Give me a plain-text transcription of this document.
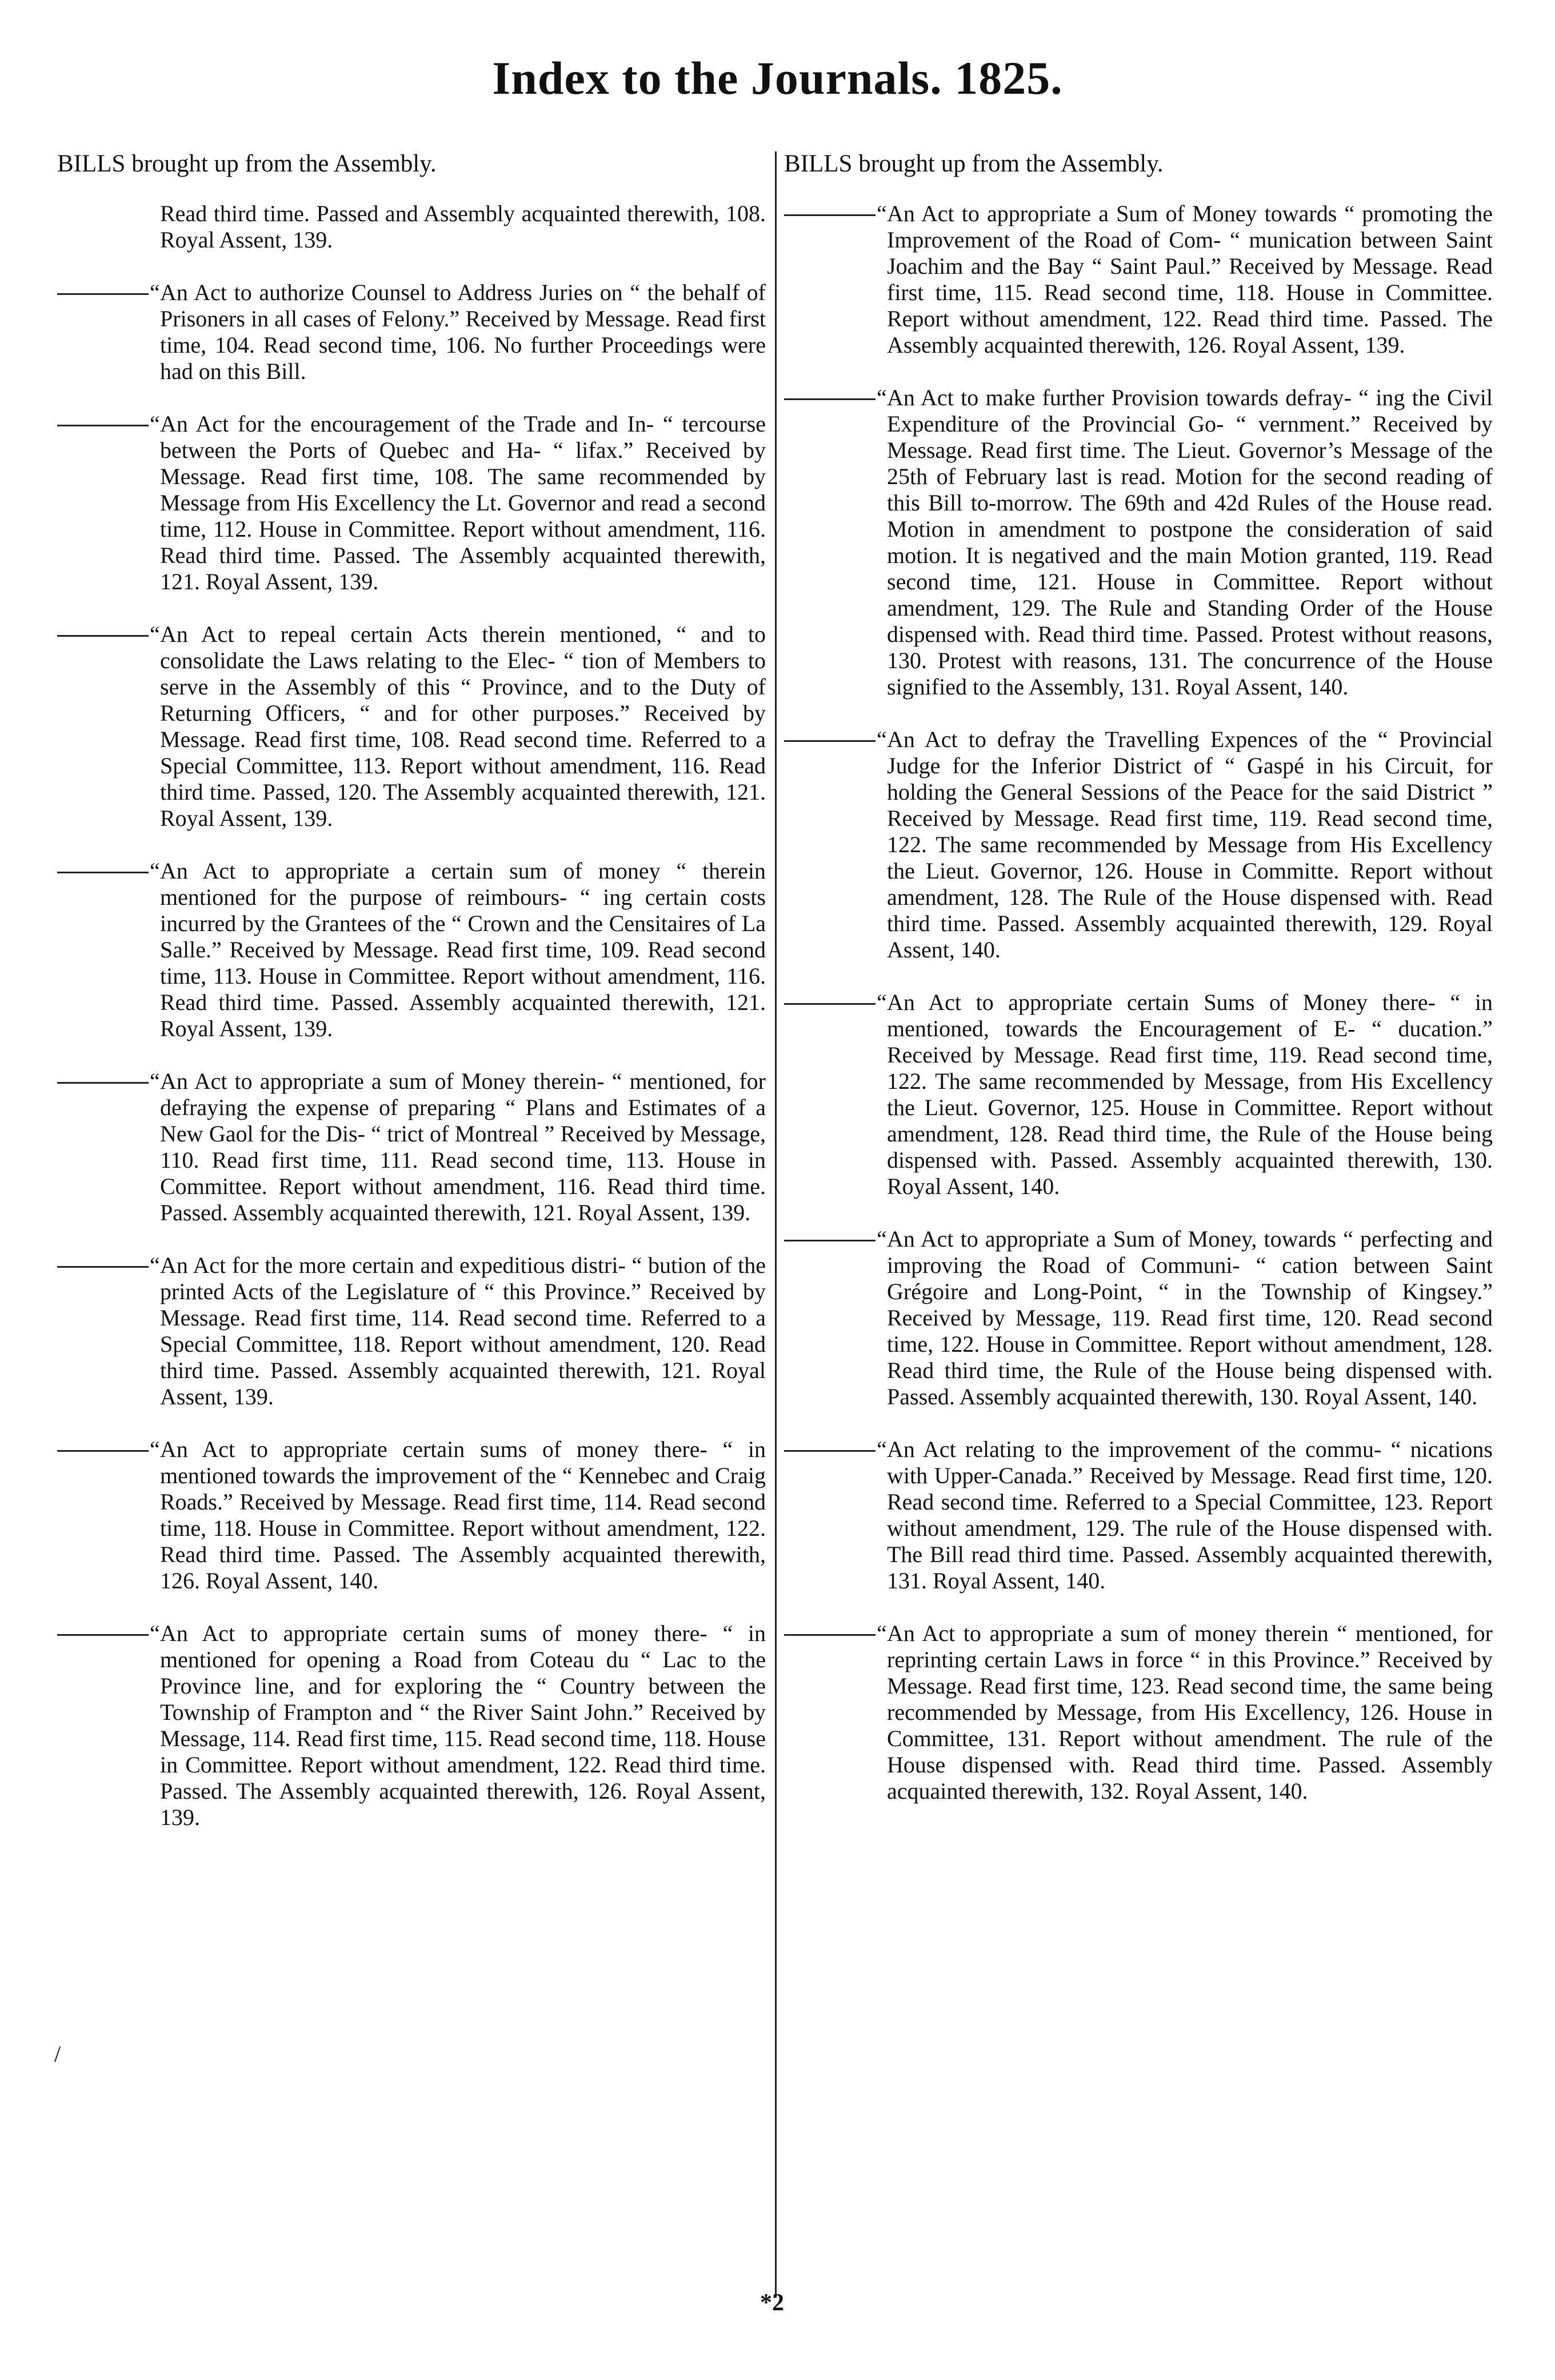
Index to the Journals. 1825.
BILLS brought up from the Assembly.
Read third time. Passed and Assembly acquainted therewith, 108. Royal Assent, 139.
“ An Act to authorize Counsel to Address Juries on “ the behalf of Prisoners in all cases of Felony.” Received by Message. Read first time, 104. Read second time, 106. No further Proceedings were had on this Bill.
“ An Act for the encouragement of the Trade and In- “ tercourse between the Ports of Quebec and Ha- “ lifax.” Received by Message. Read first time, 108. The same recommended by Message from His Excellency the Lt. Governor and read a second time, 112. House in Committee. Report without amendment, 116. Read third time. Passed. The Assembly acquainted therewith, 121. Royal Assent, 139.
“ An Act to repeal certain Acts therein mentioned, “ and to consolidate the Laws relating to the Elec- “ tion of Members to serve in the Assembly of this “ Province, and to the Duty of Returning Officers, “ and for other purposes.” Received by Message. Read first time, 108. Read second time. Referred to a Special Committee, 113. Report without amendment, 116. Read third time. Passed, 120. The Assembly acquainted therewith, 121. Royal Assent, 139.
“ An Act to appropriate a certain sum of money “ therein mentioned for the purpose of reimbours- “ ing certain costs incurred by the Grantees of the “ Crown and the Censitaires of La Salle.” Received by Message. Read first time, 109. Read second time, 113. House in Committee. Report without amendment, 116. Read third time. Passed. Assembly acquainted therewith, 121. Royal Assent, 139.
“ An Act to appropriate a sum of Money therein- “ mentioned, for defraying the expense of preparing “ Plans and Estimates of a New Gaol for the Dis- “ trict of Montreal ” Received by Message, 110. Read first time, 111. Read second time, 113. House in Committee. Report without amendment, 116. Read third time. Passed. Assembly acquainted therewith, 121. Royal Assent, 139.
“ An Act for the more certain and expeditious distri- “ bution of the printed Acts of the Legislature of “ this Province.” Received by Message. Read first time, 114. Read second time. Referred to a Special Committee, 118. Report without amendment, 120. Read third time. Passed. Assembly acquainted therewith, 121. Royal Assent, 139.
“ An Act to appropriate certain sums of money there- “ in mentioned towards the improvement of the “ Kennebec and Craig Roads.” Received by Message. Read first time, 114. Read second time, 118. House in Committee. Report without amendment, 122. Read third time. Passed. The Assembly acquainted therewith, 126. Royal Assent, 140.
“ An Act to appropriate certain sums of money there- “ in mentioned for opening a Road from Coteau du “ Lac to the Province line, and for exploring the “ Country between the Township of Frampton and “ the River Saint John.” Received by Message, 114. Read first time, 115. Read second time, 118. House in Committee. Report without amendment, 122. Read third time. Passed. The Assembly acquainted therewith, 126. Royal Assent, 139.
BILLS brought up from the Assembly.
“ An Act to appropriate a Sum of Money towards “ promoting the Improvement of the Road of Com- “ munication between Saint Joachim and the Bay “ Saint Paul.” Received by Message. Read first time, 115. Read second time, 118. House in Committee. Report without amendment, 122. Read third time. Passed. The Assembly acquainted therewith, 126. Royal Assent, 139.
“ An Act to make further Provision towards defray- “ ing the Civil Expenditure of the Provincial Go- “ vernment.” Received by Message. Read first time. The Lieut. Governor’s Message of the 25th of February last is read. Motion for the second reading of this Bill to-morrow. The 69th and 42d Rules of the House read. Motion in amendment to postpone the consideration of said motion. It is negatived and the main Motion granted, 119. Read second time, 121. House in Committee. Report without amendment, 129. The Rule and Standing Order of the House dispensed with. Read third time. Passed. Protest without reasons, 130. Protest with reasons, 131. The concurrence of the House signified to the Assembly, 131. Royal Assent, 140.
“ An Act to defray the Travelling Expences of the “ Provincial Judge for the Inferior District of “ Gaspé in his Circuit, for holding the General Sessions of the Peace for the said District ” Received by Message. Read first time, 119. Read second time, 122. The same recommended by Message from His Excellency the Lieut. Governor, 126. House in Committe. Report without amendment, 128. The Rule of the House dispensed with. Read third time. Passed. Assembly acquainted therewith, 129. Royal Assent, 140.
“ An Act to appropriate certain Sums of Money there- “ in mentioned, towards the Encouragement of E- “ ducation.” Received by Message. Read first time, 119. Read second time, 122. The same recommended by Message, from His Excellency the Lieut. Governor, 125. House in Committee. Report without amendment, 128. Read third time, the Rule of the House being dispensed with. Passed. Assembly acquainted therewith, 130. Royal Assent, 140.
“ An Act to appropriate a Sum of Money, towards “ perfecting and improving the Road of Communi- “ cation between Saint Grégoire and Long-Point, “ in the Township of Kingsey.” Received by Message, 119. Read first time, 120. Read second time, 122. House in Committee. Report without amendment, 128. Read third time, the Rule of the House being dispensed with. Passed. Assembly acquainted therewith, 130. Royal Assent, 140.
“ An Act relating to the improvement of the commu- “ nications with Upper-Canada.” Received by Message. Read first time, 120. Read second time. Referred to a Special Committee, 123. Report without amendment, 129. The rule of the House dispensed with. The Bill read third time. Passed. Assembly acquainted therewith, 131. Royal Assent, 140.
“ An Act to appropriate a sum of money therein “ mentioned, for reprinting certain Laws in force “ in this Province.” Received by Message. Read first time, 123. Read second time, the same being recommended by Message, from His Excellency, 126. House in Committee, 131. Report without amendment. The rule of the House dispensed with. Read third time. Passed. Assembly acquainted therewith, 132. Royal Assent, 140.
/
*2
